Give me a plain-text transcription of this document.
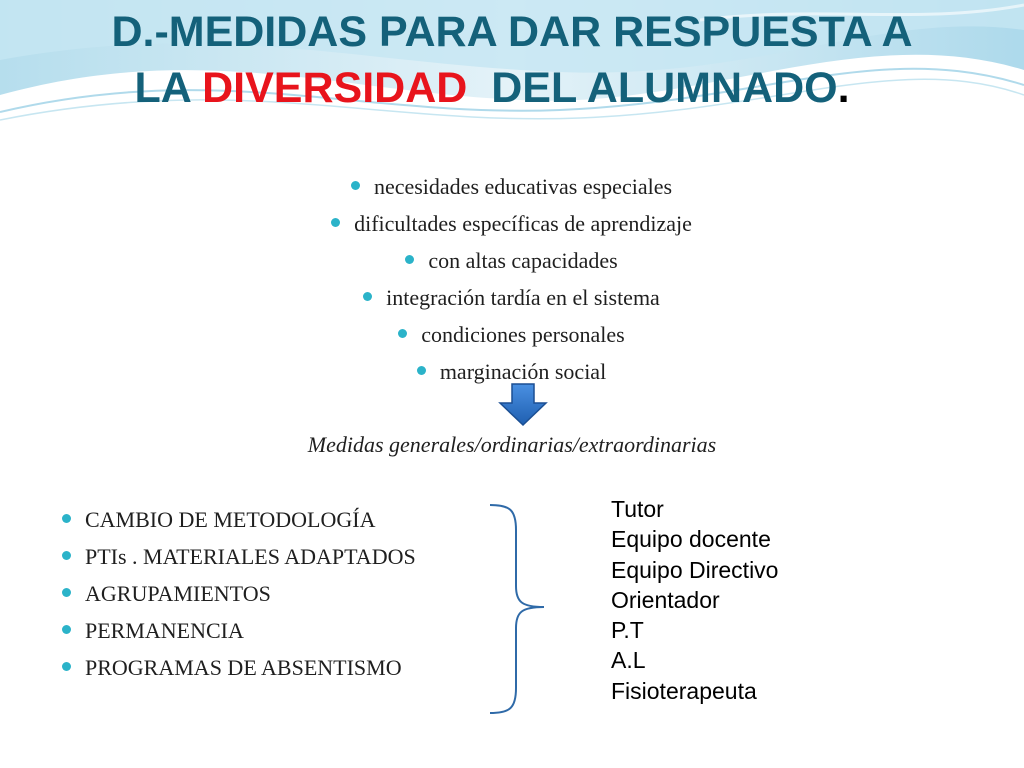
D.-MEDIDAS PARA DAR RESPUESTA A
LA DIVERSIDAD  DEL ALUMNADO.
necesidades educativas especiales
dificultades específicas de aprendizaje
con altas capacidades
integración tardía en el sistema
condiciones personales
marginación social
Medidas generales/ordinarias/extraordinarias
CAMBIO DE METODOLOGÍA
PTIs . MATERIALES ADAPTADOS
AGRUPAMIENTOS
PERMANENCIA
PROGRAMAS DE ABSENTISMO
Tutor
Equipo docente
Equipo Directivo
Orientador
P.T
A.L
Fisioterapeuta
